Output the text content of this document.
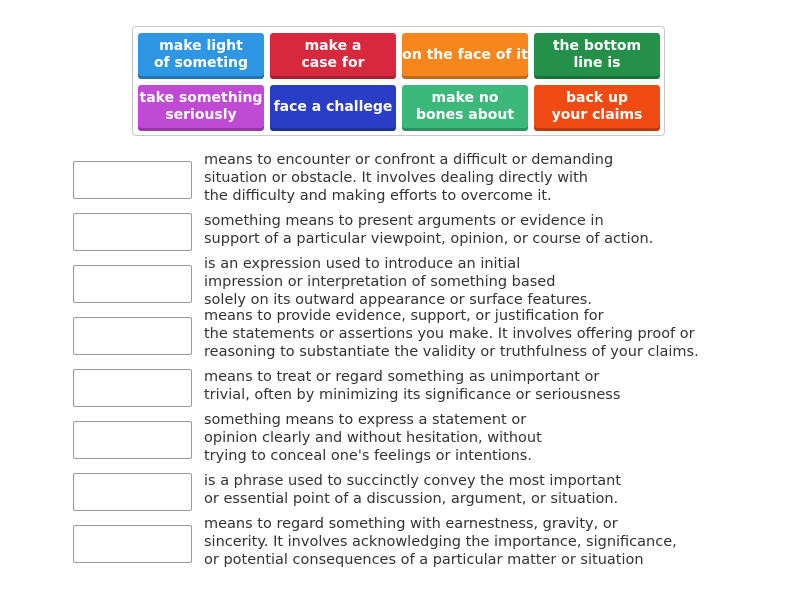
make light
of someting
make a
case for
on the face of it
the bottom
line is
take something
seriously
face a challege
make no
bones about
back up
your claims
means to encounter or confront a difficult or demanding
situation or obstacle. It involves dealing directly with
the difficulty and making efforts to overcome it.
something means to present arguments or evidence in
support of a particular viewpoint, opinion, or course of action.
is an expression used to introduce an initial
impression or interpretation of something based
solely on its outward appearance or surface features.
means to provide evidence, support, or justification for
the statements or assertions you make. It involves offering proof or
reasoning to substantiate the validity or truthfulness of your claims.
means to treat or regard something as unimportant or
trivial, often by minimizing its significance or seriousness
something means to express a statement or
opinion clearly and without hesitation, without
trying to conceal one's feelings or intentions.
is a phrase used to succinctly convey the most important
or essential point of a discussion, argument, or situation.
means to regard something with earnestness, gravity, or
sincerity. It involves acknowledging the importance, significance,
or potential consequences of a particular matter or situation
